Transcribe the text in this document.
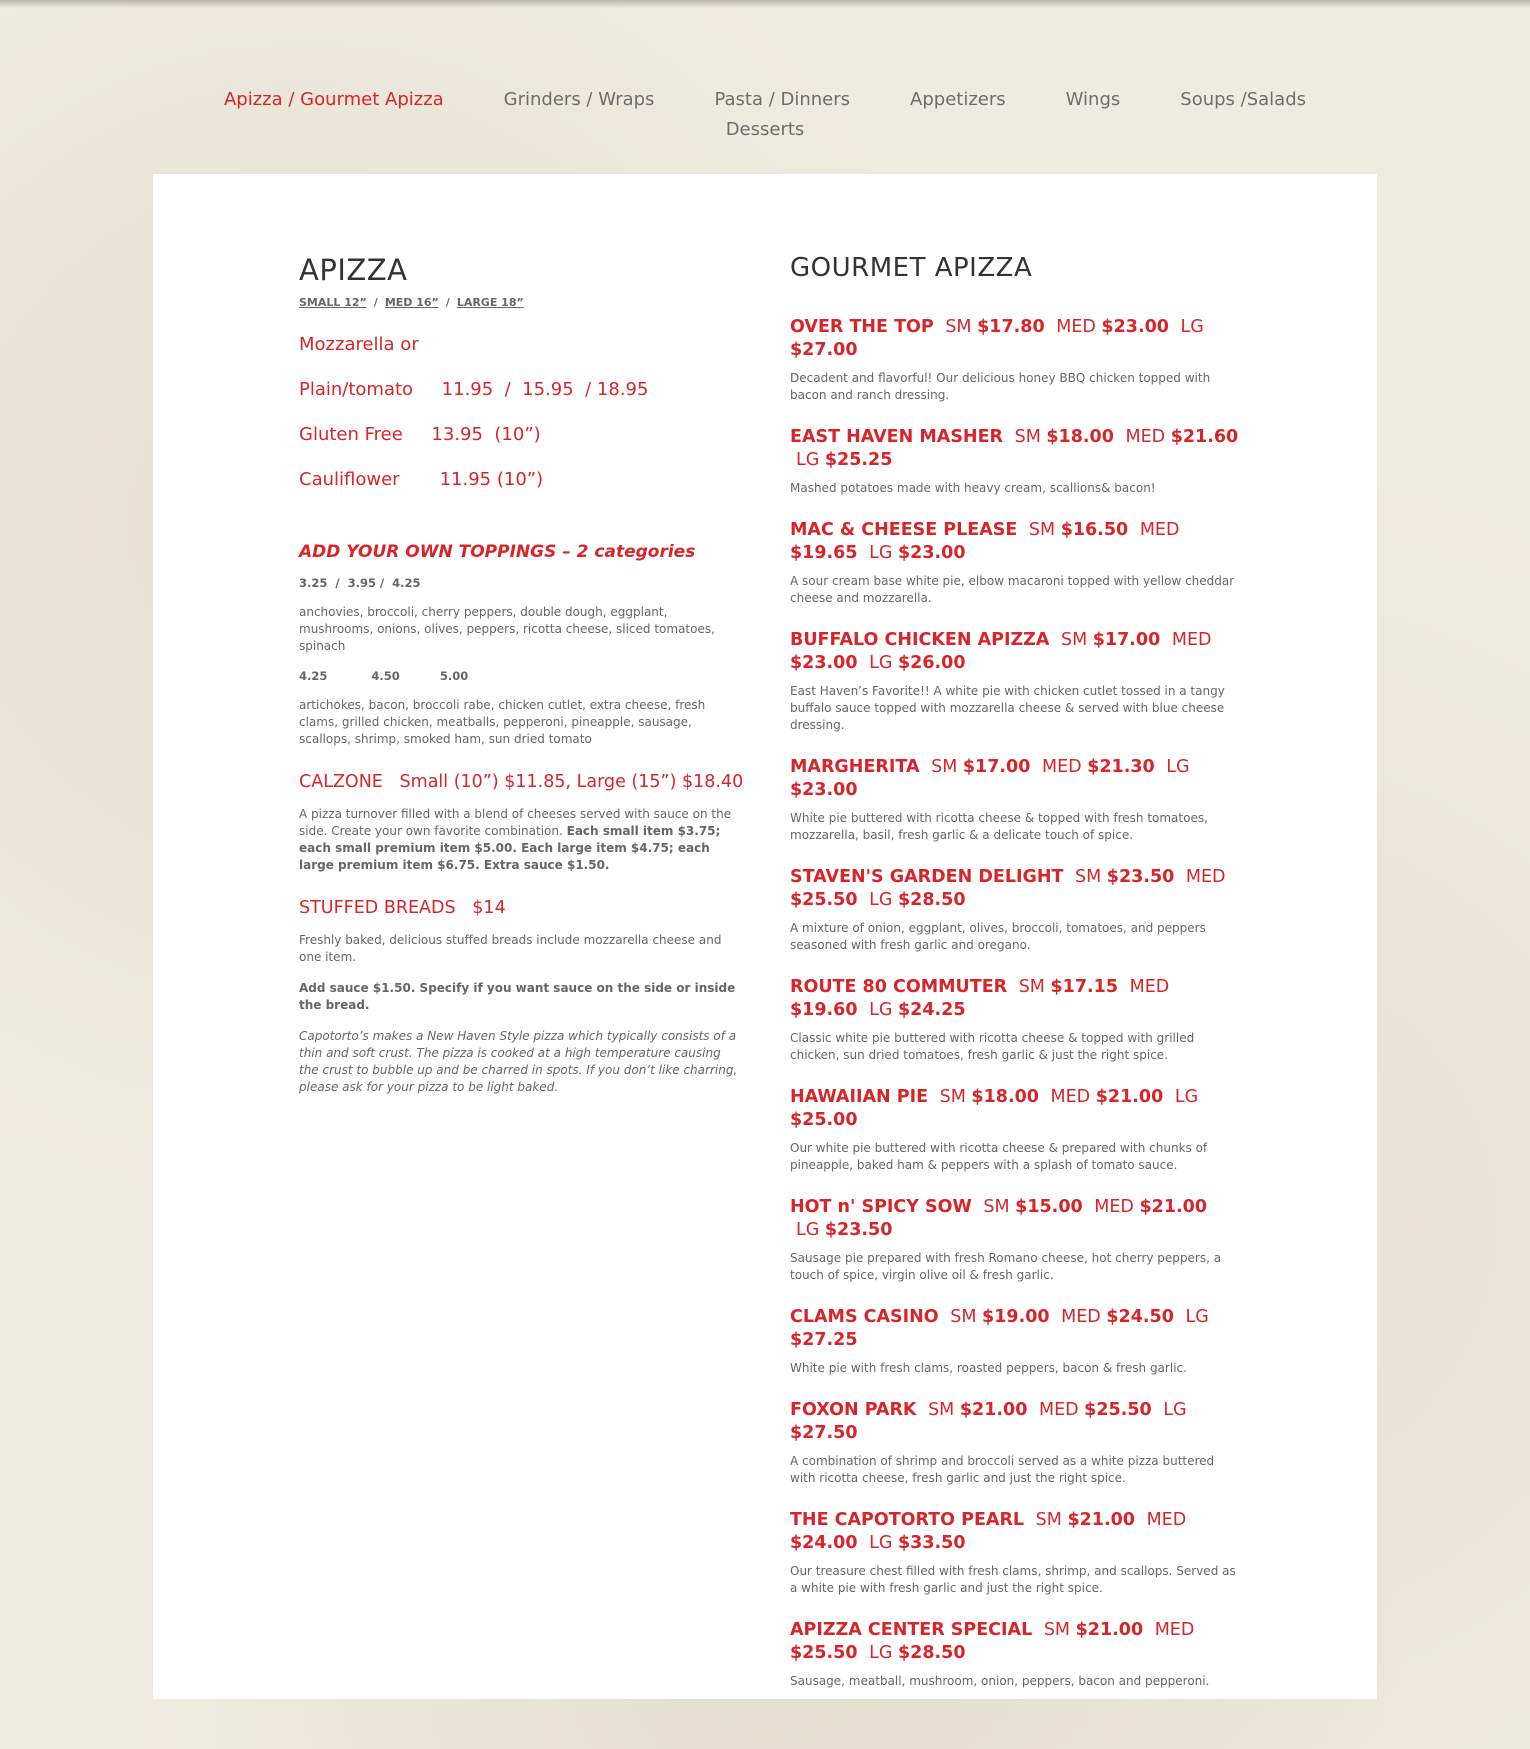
Apizza / Gourmet Apizza	Grinders / Wraps	Pasta / Dinners	Appetizers	Wings	Soups /Salads
Desserts
APIZZA
SMALL 12” / MED 16” / LARGE 18”
Mozzarella or
Plain/tomato     11.95  /  15.95  / 18.95
Gluten Free     13.95  (10”)
Cauliflower       11.95 (10”)
ADD YOUR OWN TOPPINGS – 2 categories
3.25  /  3.95 /  4.25
anchovies, broccoli, cherry peppers, double dough, eggplant, mushrooms, onions, olives, peppers, ricotta cheese, sliced tomatoes, spinach
4.25           4.50          5.00
artichokes, bacon, broccoli rabe, chicken cutlet, extra cheese, fresh clams, grilled chicken, meatballs, pepperoni, pineapple, sausage, scallops, shrimp, smoked ham, sun dried tomato
CALZONE   Small (10”) $11.85, Large (15”) $18.40
A pizza turnover filled with a blend of cheeses served with sauce on the side. Create your own favorite combination. Each small item $3.75; each small premium item $5.00. Each large item $4.75; each large premium item $6.75. Extra sauce $1.50.
STUFFED BREADS   $14
Freshly baked, delicious stuffed breads include mozzarella cheese and one item.
Add sauce $1.50. Specify if you want sauce on the side or inside the bread.
Capotorto’s makes a New Haven Style pizza which typically consists of a thin and soft crust. The pizza is cooked at a high temperature causing the crust to bubble up and be charred in spots. If you don’t like charring, please ask for your pizza to be light baked.
GOURMET APIZZA
OVER THE TOP SM $17.80 MED $23.00 LG $27.00
Decadent and flavorful! Our delicious honey BBQ chicken topped with bacon and ranch dressing.
EAST HAVEN MASHER SM $18.00 MED $21.60 LG $25.25
Mashed potatoes made with heavy cream, scallions& bacon!
MAC & CHEESE PLEASE SM $16.50 MED $19.65 LG $23.00
A sour cream base white pie, elbow macaroni topped with yellow cheddar cheese and mozzarella.
BUFFALO CHICKEN APIZZA SM $17.00 MED $23.00 LG $26.00
East Haven’s Favorite!! A white pie with chicken cutlet tossed in a tangy buffalo sauce topped with mozzarella cheese & served with blue cheese dressing.
MARGHERITA SM $17.00 MED $21.30 LG $23.00
White pie buttered with ricotta cheese & topped with fresh tomatoes, mozzarella, basil, fresh garlic & a delicate touch of spice.
STAVEN'S GARDEN DELIGHT SM $23.50 MED $25.50 LG $28.50
A mixture of onion, eggplant, olives, broccoli, tomatoes, and peppers seasoned with fresh garlic and oregano.
ROUTE 80 COMMUTER SM $17.15 MED $19.60 LG $24.25
Classic white pie buttered with ricotta cheese & topped with grilled chicken, sun dried tomatoes, fresh garlic & just the right spice.
HAWAIIAN PIE SM $18.00 MED $21.00 LG $25.00
Our white pie buttered with ricotta cheese & prepared with chunks of pineapple, baked ham & peppers with a splash of tomato sauce.
HOT n' SPICY SOW SM $15.00 MED $21.00 LG $23.50
Sausage pie prepared with fresh Romano cheese, hot cherry peppers, a touch of spice, virgin olive oil & fresh garlic.
CLAMS CASINO SM $19.00 MED $24.50 LG $27.25
White pie with fresh clams, roasted peppers, bacon & fresh garlic.
FOXON PARK SM $21.00 MED $25.50 LG $27.50
A combination of shrimp and broccoli served as a white pizza buttered with ricotta cheese, fresh garlic and just the right spice.
THE CAPOTORTO PEARL SM $21.00 MED $24.00 LG $33.50
Our treasure chest filled with fresh clams, shrimp, and scallops. Served as a white pie with fresh garlic and just the right spice.
APIZZA CENTER SPECIAL SM $21.00 MED $25.50 LG $28.50
Sausage, meatball, mushroom, onion, peppers, bacon and pepperoni.
